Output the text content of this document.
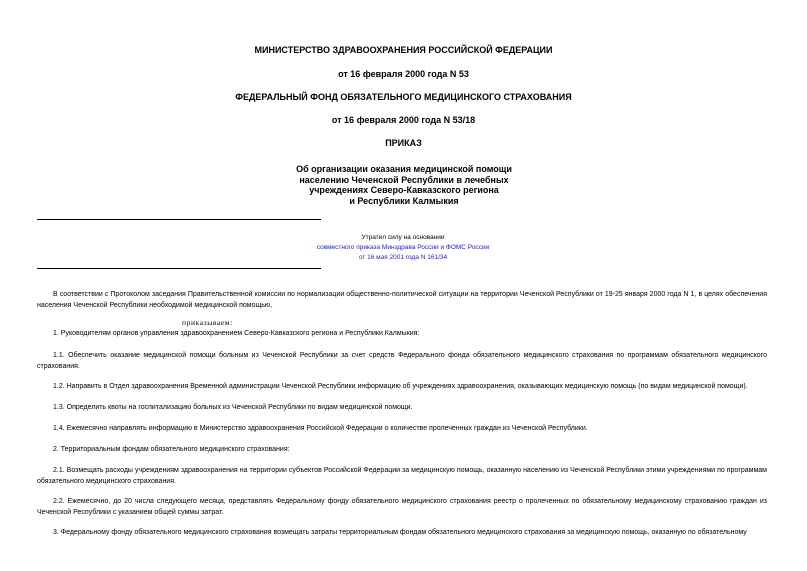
МИНИСТЕРСТВО ЗДРАВООХРАНЕНИЯ РОССИЙСКОЙ ФЕДЕРАЦИИ
от 16 февраля 2000 года N 53
ФЕДЕРАЛЬНЫЙ ФОНД ОБЯЗАТЕЛЬНОГО МЕДИЦИНСКОГО СТРАХОВАНИЯ
от 16 февраля 2000 года N 53/18
ПРИКАЗ
Об организации оказания медицинской помощи
населению Чеченской Республики в лечебных
учреждениях Северо-Кавказского региона
и Республики Калмыкия
Утратил силу на основании
совместного приказа Минздрава России и ФОМС России
от 16 мая 2001 года N 161/34
В соответствии с Протоколом заседания Правительственной комиссии по нормализации общественно-политической ситуации на территории Чеченской Республики от 19-25 января 2000 года N 1, в целях обеспечения населения Чеченской Республики необходимой медицинской помощью,
приказываем:
1. Руководителям органов управления здравоохранением Северо-Кавказского региона и Республики Калмыкия:
1.1. Обеспечить оказание медицинской помощи больным из Чеченской Республики за счет средств Федерального фонда обязательного медицинского страхования по программам обязательного медицинского страхования.
1.2. Направить в Отдел здравоохранения Временной администрации Чеченской Республики информацию об учреждениях здравоохранения, оказывающих медицинскую помощь (по видам медицинской помощи).
1.3. Определить квоты на госпитализацию больных из Чеченской Республики по видам медицинской помощи.
1.4. Ежемесячно направлять информацию в Министерство здравоохранения Российской Федерации о количестве пролеченных граждан из Чеченской Республики.
2. Территориальным фондам обязательного медицинского страхования:
2.1. Возмещать расходы учреждениям здравоохранения на территории субъектов Российской Федерации за медицинскую помощь, оказанную населению из Чеченской Республики этими учреждениями по программам обязательного медицинского страхования.
2.2. Ежемесячно, до 20 числа следующего месяца, представлять Федеральному фонду обязательного медицинского страхования реестр о пролеченных по обязательному медицинскому страхованию граждан из Чеченской Республики с указанием общей суммы затрат.
3. Федеральному фонду обязательного медицинского страхования возмещать затраты территориальным фондам обязательного медицинского страхования за медицинскую помощь, оказанную по обязательному
